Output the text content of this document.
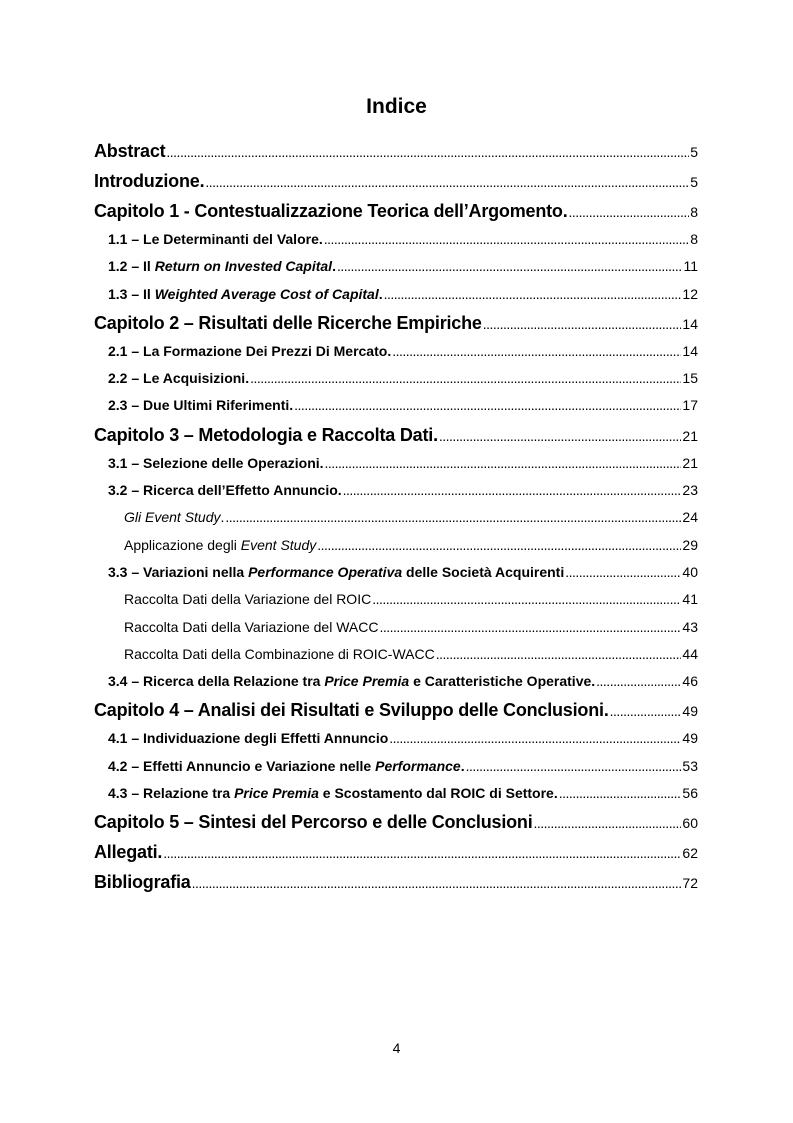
Indice
Abstract . . .	5
Introduzione. . . .	5
Capitolo 1 - Contestualizzazione Teorica dell’Argomento. . . .	8
1.1 – Le Determinanti del Valore. . . .	8
1.2 – Il Return on Invested Capital. . . .	11
1.3 – Il Weighted Average Cost of Capital. . . .	12
Capitolo 2 – Risultati delle Ricerche Empiriche . . .	14
2.1 – La Formazione Dei Prezzi Di Mercato. . . .	14
2.2 – Le Acquisizioni. . . .	15
2.3 – Due Ultimi Riferimenti. . . .	17
Capitolo 3 – Metodologia e Raccolta Dati. . . .	21
3.1 – Selezione delle Operazioni. . . .	21
3.2 – Ricerca dell’Effetto Annuncio. . . .	23
Gli Event Study. . . .	24
Applicazione degli Event Study . . .	29
3.3 – Variazioni nella Performance Operativa delle Società Acquirenti . . .	40
Raccolta Dati della Variazione del ROIC . . .	41
Raccolta Dati della Variazione del WACC . . .	43
Raccolta Dati della Combinazione di ROIC-WACC . . .	44
3.4 – Ricerca della Relazione tra Price Premia e Caratteristiche Operative. . . .	46
Capitolo 4 – Analisi dei Risultati e Sviluppo delle Conclusioni. . . .	49
4.1 – Individuazione degli Effetti Annuncio . . .	49
4.2 – Effetti Annuncio e Variazione nelle Performance. . . .	53
4.3 – Relazione tra Price Premia e Scostamento dal ROIC di Settore. . . .	56
Capitolo 5 – Sintesi del Percorso e delle Conclusioni . . .	60
Allegati. . . .	62
Bibliografia . . .	72
4
